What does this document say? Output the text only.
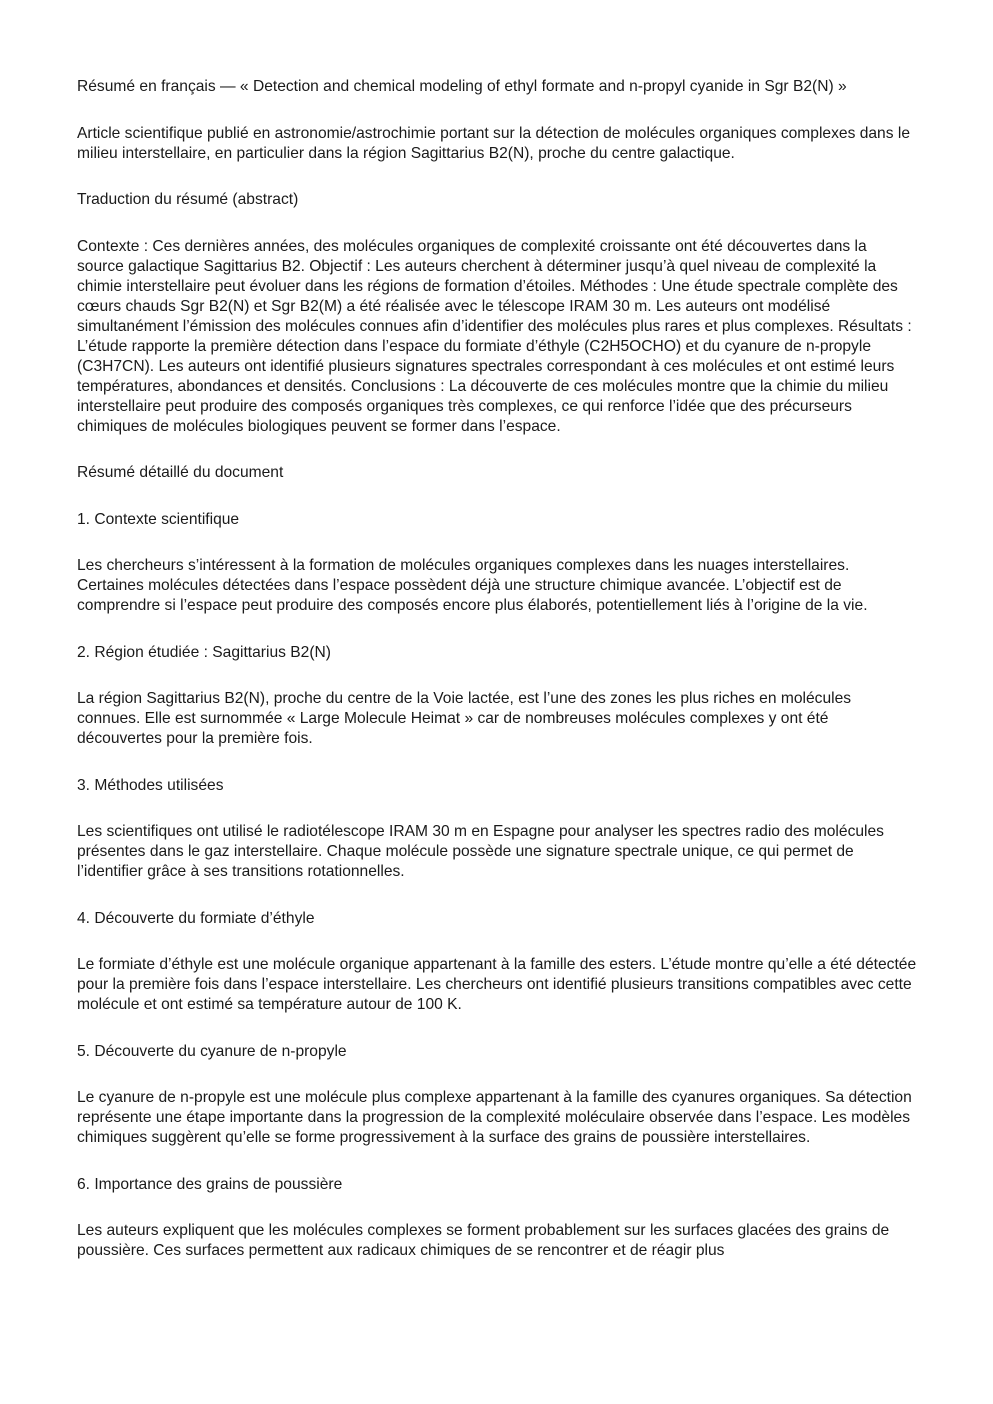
Résumé en français — « Detection and chemical modeling of ethyl formate and n-propyl cyanide in Sgr B2(N) »

Article scientifique publié en astronomie/astrochimie portant sur la détection de molécules organiques complexes dans le milieu interstellaire, en particulier dans la région Sagittarius B2(N), proche du centre galactique.

Traduction du résumé (abstract)

Contexte : Ces dernières années, des molécules organiques de complexité croissante ont été découvertes dans la source galactique Sagittarius B2. Objectif : Les auteurs cherchent à déterminer jusqu’à quel niveau de complexité la chimie interstellaire peut évoluer dans les régions de formation d’étoiles. Méthodes : Une étude spectrale complète des cœurs chauds Sgr B2(N) et Sgr B2(M) a été réalisée avec le télescope IRAM 30 m. Les auteurs ont modélisé simultanément l’émission des molécules connues afin d’identifier des molécules plus rares et plus complexes. Résultats : L’étude rapporte la première détection dans l’espace du formiate d’éthyle (C2H5OCHO) et du cyanure de n-propyle (C3H7CN). Les auteurs ont identifié plusieurs signatures spectrales correspondant à ces molécules et ont estimé leurs températures, abondances et densités. Conclusions : La découverte de ces molécules montre que la chimie du milieu interstellaire peut produire des composés organiques très complexes, ce qui renforce l’idée que des précurseurs chimiques de molécules biologiques peuvent se former dans l’espace.

Résumé détaillé du document

1. Contexte scientifique

Les chercheurs s’intéressent à la formation de molécules organiques complexes dans les nuages interstellaires. Certaines molécules détectées dans l’espace possèdent déjà une structure chimique avancée. L’objectif est de comprendre si l’espace peut produire des composés encore plus élaborés, potentiellement liés à l’origine de la vie.

2. Région étudiée : Sagittarius B2(N)

La région Sagittarius B2(N), proche du centre de la Voie lactée, est l’une des zones les plus riches en molécules connues. Elle est surnommée « Large Molecule Heimat » car de nombreuses molécules complexes y ont été découvertes pour la première fois.

3. Méthodes utilisées

Les scientifiques ont utilisé le radiotélescope IRAM 30 m en Espagne pour analyser les spectres radio des molécules présentes dans le gaz interstellaire. Chaque molécule possède une signature spectrale unique, ce qui permet de l’identifier grâce à ses transitions rotationnelles.

4. Découverte du formiate d’éthyle

Le formiate d’éthyle est une molécule organique appartenant à la famille des esters. L’étude montre qu’elle a été détectée pour la première fois dans l’espace interstellaire. Les chercheurs ont identifié plusieurs transitions compatibles avec cette molécule et ont estimé sa température autour de 100 K.

5. Découverte du cyanure de n-propyle

Le cyanure de n-propyle est une molécule plus complexe appartenant à la famille des cyanures organiques. Sa détection représente une étape importante dans la progression de la complexité moléculaire observée dans l’espace. Les modèles chimiques suggèrent qu’elle se forme progressivement à la surface des grains de poussière interstellaires.

6. Importance des grains de poussière

Les auteurs expliquent que les molécules complexes se forment probablement sur les surfaces glacées des grains de poussière. Ces surfaces permettent aux radicaux chimiques de se rencontrer et de réagir plus
